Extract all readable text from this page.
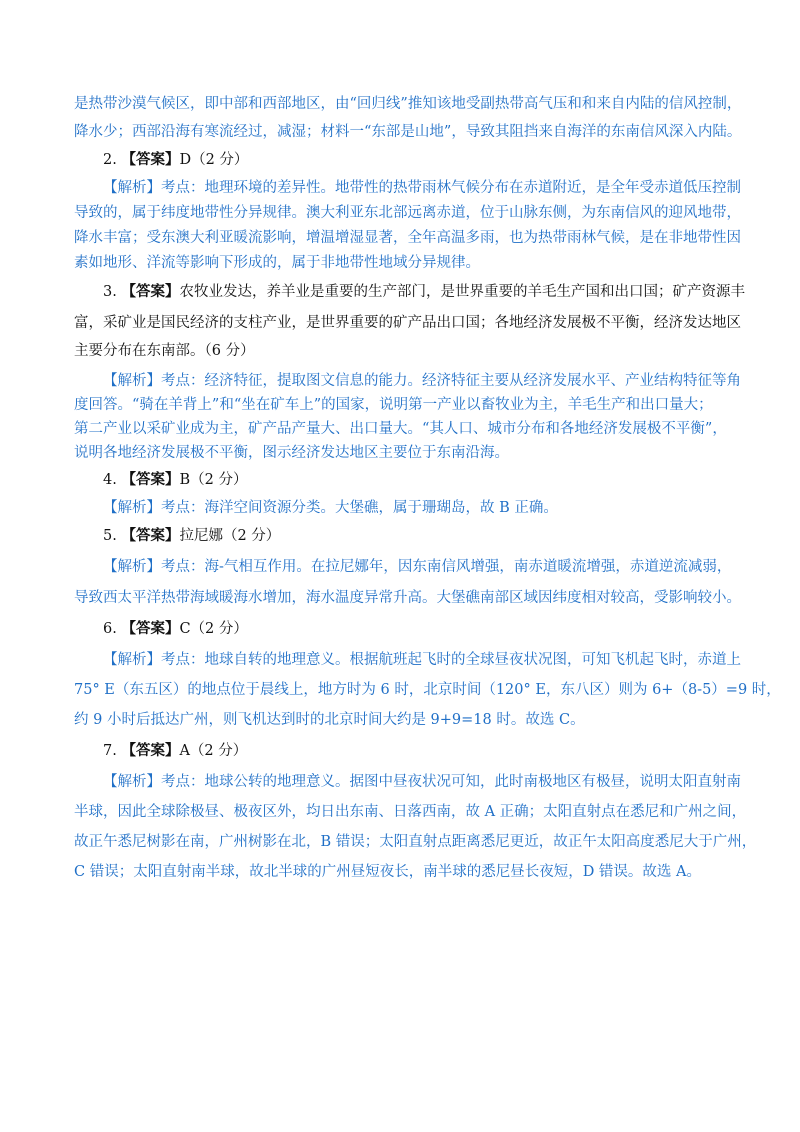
是热带沙漠气候区，即中部和西部地区，由“回归线”推知该地受副热带高气压和和来自内陆的信风控制，
降水少；西部沿海有寒流经过，减湿；材料一“东部是山地”，导致其阻挡来自海洋的东南信风深入内陆。
2. 【答案】D（2 分）
【解析】考点：地理环境的差异性。地带性的热带雨林气候分布在赤道附近，是全年受赤道低压控制
导致的，属于纬度地带性分异规律。澳大利亚东北部远离赤道，位于山脉东侧，为东南信风的迎风地带，
降水丰富；受东澳大利亚暖流影响，增温增湿显著，全年高温多雨，也为热带雨林气候，是在非地带性因
素如地形、洋流等影响下形成的，属于非地带性地域分异规律。
3. 【答案】农牧业发达，养羊业是重要的生产部门，是世界重要的羊毛生产国和出口国；矿产资源丰
富，采矿业是国民经济的支柱产业，是世界重要的矿产品出口国；各地经济发展极不平衡，经济发达地区
主要分布在东南部。（6 分）
【解析】考点：经济特征，提取图文信息的能力。经济特征主要从经济发展水平、产业结构特征等角
度回答。“骑在羊背上”和“坐在矿车上”的国家，说明第一产业以畜牧业为主，羊毛生产和出口量大；
第二产业以采矿业成为主，矿产品产量大、出口量大。“其人口、城市分布和各地经济发展极不平衡”，
说明各地经济发展极不平衡，图示经济发达地区主要位于东南沿海。
4. 【答案】B（2 分）
【解析】考点：海洋空间资源分类。大堡礁，属于珊瑚岛，故 B 正确。
5. 【答案】拉尼娜（2 分）
【解析】考点：海-气相互作用。在拉尼娜年，因东南信风增强，南赤道暖流增强，赤道逆流减弱，
导致西太平洋热带海域暖海水增加，海水温度异常升高。大堡礁南部区域因纬度相对较高，受影响较小。
6. 【答案】C（2 分）
【解析】考点：地球自转的地理意义。根据航班起飞时的全球昼夜状况图，可知飞机起飞时，赤道上
75° E（东五区）的地点位于晨线上，地方时为 6 时，北京时间（120° E，东八区）则为 6+（8-5）=9 时，
约 9 小时后抵达广州，则飞机达到时的北京时间大约是 9+9=18 时。故选 C。
7. 【答案】A（2 分）
【解析】考点：地球公转的地理意义。据图中昼夜状况可知，此时南极地区有极昼，说明太阳直射南
半球，因此全球除极昼、极夜区外，均日出东南、日落西南，故 A 正确；太阳直射点在悉尼和广州之间，
故正午悉尼树影在南，广州树影在北，B 错误；太阳直射点距离悉尼更近，故正午太阳高度悉尼大于广州，
C 错误；太阳直射南半球，故北半球的广州昼短夜长，南半球的悉尼昼长夜短，D 错误。故选 A。
